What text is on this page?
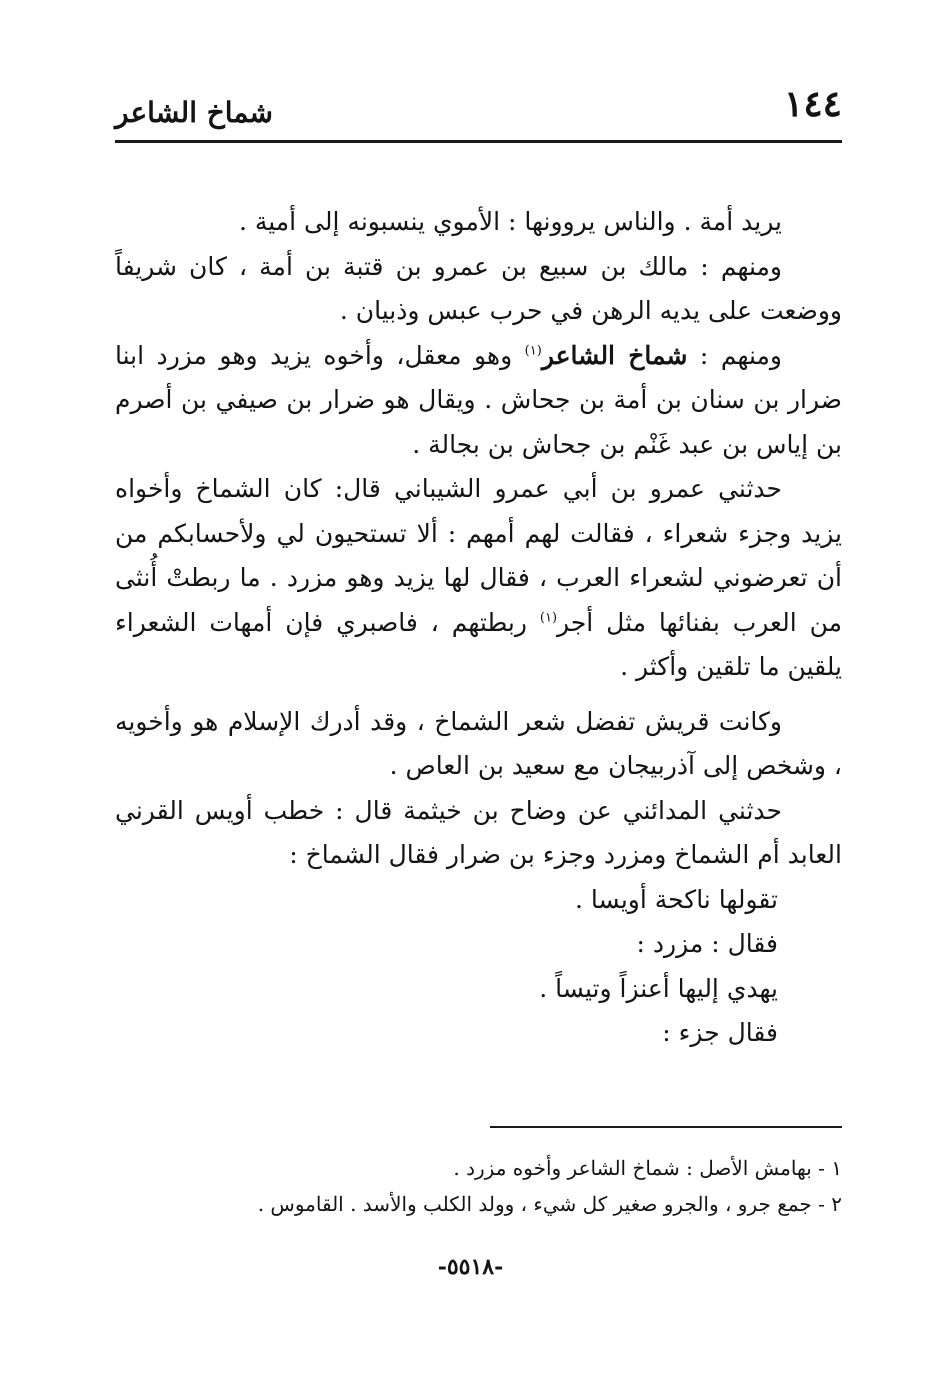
١٤٤
شماخ الشاعر

يريد أمة . والناس يروونها : الأموي ينسبونه إلى أمية .

ومنهم : مالك بن سبيع بن عمرو بن قتبة بن أمة ، كان شريفاً ووضعت على يديه الرهن في حرب عبس وذبيان .

ومنهم : شماخ الشاعر$^{(١)}$ وهو معقل، وأخوه يزيد وهو مزرد ابنا ضرار بن سنان بن أمة بن جحاش . ويقال هو ضرار بن صيفي بن أصرم بن إياس بن عبد غَنْم بن جحاش بن بجالة .

حدثني عمرو بن أبي عمرو الشيباني قال: كان الشماخ وأخواه يزيد وجزء شعراء ، فقالت لهم أمهم : ألا تستحيون لي ولأحسابكم من أن تعرضوني لشعراء العرب ، فقال لها يزيد وهو مزرد . ما ربطتْ أُنثى من العرب بفنائها مثل أجر$^{(١)}$ ربطتهم ، فاصبري فإن أمهات الشعراء يلقين ما تلقين وأكثر .

وكانت قريش تفضل شعر الشماخ ، وقد أدرك الإسلام هو وأخويه ، وشخص إلى آذربيجان مع سعيد بن العاص .

حدثني المدائني عن وضاح بن خيثمة قال : خطب أويس القرني العابد أم الشماخ ومزرد وجزء بن ضرار فقال الشماخ :

تقولها ناكحة أويسا .

فقال : مزرد :

يهدي إليها أعنزاً وتيساً .

فقال جزء :

١ - بهامش الأصل : شماخ الشاعر وأخوه مزرد .

٢ - جمع جرو ، والجرو صغير كل شيء ، وولد الكلب والأسد . القاموس .

-٥٥١٨-
